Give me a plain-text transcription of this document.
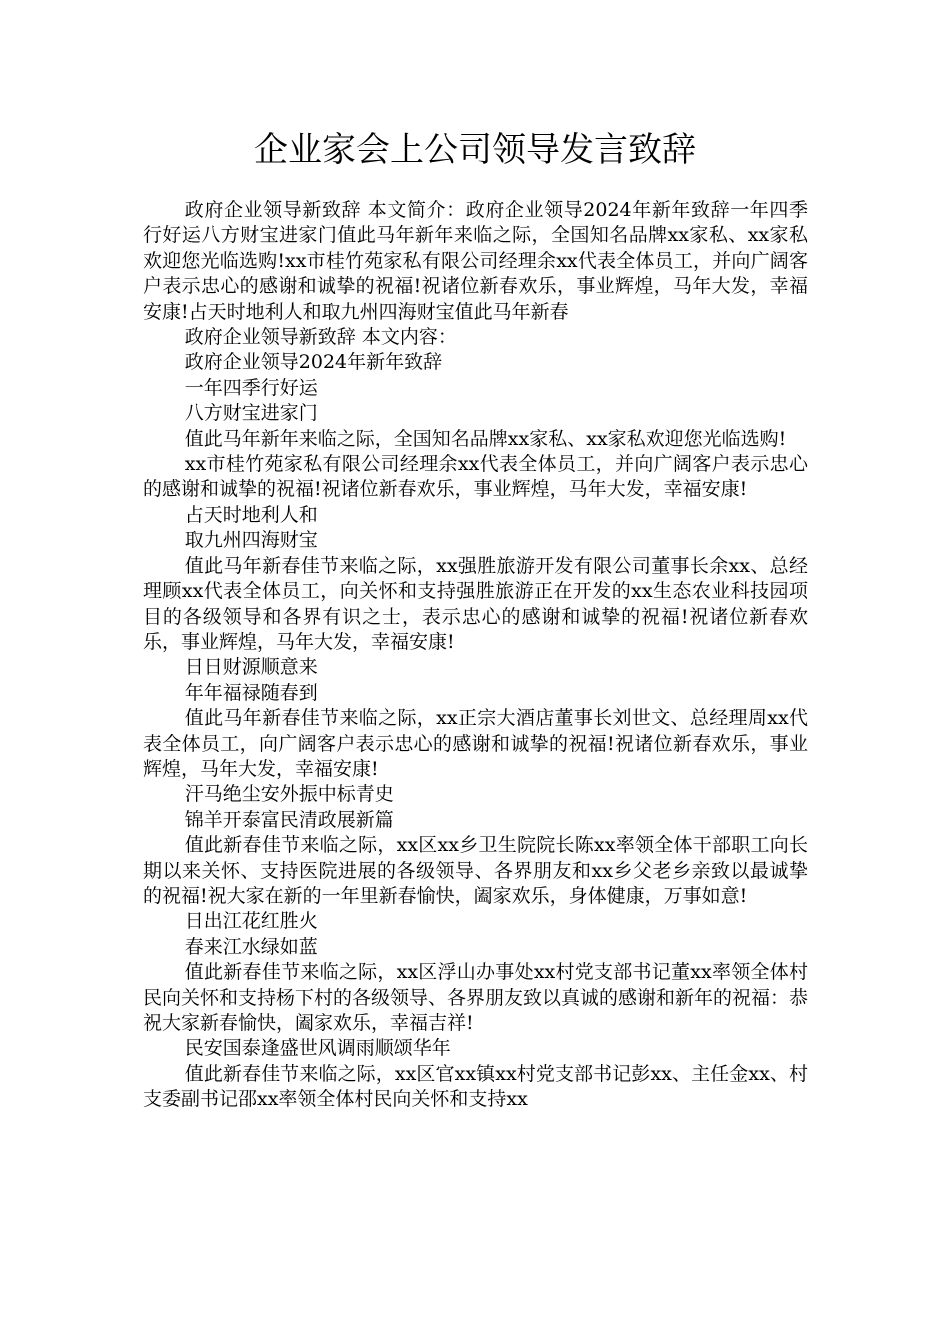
企业家会上公司领导发言致辞

政府企业领导新致辞 本文简介：政府企业领导2024年新年致辞一年四季行好运八方财宝进家门值此马年新年来临之际，全国知名品牌xx家私、xx家私欢迎您光临选购!xx市桂竹苑家私有限公司经理余xx代表全体员工，并向广阔客户表示忠心的感谢和诚挚的祝福!祝诸位新春欢乐，事业辉煌，马年大发，幸福安康!占天时地利人和取九州四海财宝值此马年新春

政府企业领导新致辞 本文内容：

政府企业领导2024年新年致辞

一年四季行好运

八方财宝进家门

值此马年新年来临之际，全国知名品牌xx家私、xx家私欢迎您光临选购!

xx市桂竹苑家私有限公司经理余xx代表全体员工，并向广阔客户表示忠心的感谢和诚挚的祝福!祝诸位新春欢乐，事业辉煌，马年大发，幸福安康!

占天时地利人和

取九州四海财宝

值此马年新春佳节来临之际，xx强胜旅游开发有限公司董事长余xx、总经理顾xx代表全体员工，向关怀和支持强胜旅游正在开发的xx生态农业科技园项目的各级领导和各界有识之士，表示忠心的感谢和诚挚的祝福!祝诸位新春欢乐，事业辉煌，马年大发，幸福安康!

日日财源顺意来

年年福禄随春到

值此马年新春佳节来临之际，xx正宗大酒店董事长刘世文、总经理周xx代表全体员工，向广阔客户表示忠心的感谢和诚挚的祝福!祝诸位新春欢乐，事业辉煌，马年大发，幸福安康!

汗马绝尘安外振中标青史

锦羊开泰富民清政展新篇

值此新春佳节来临之际，xx区xx乡卫生院院长陈xx率领全体干部职工向长期以来关怀、支持医院进展的各级领导、各界朋友和xx乡父老乡亲致以最诚挚的祝福!祝大家在新的一年里新春愉快，阖家欢乐，身体健康，万事如意!

日出江花红胜火

春来江水绿如蓝

值此新春佳节来临之际，xx区浮山办事处xx村党支部书记董xx率领全体村民向关怀和支持杨下村的各级领导、各界朋友致以真诚的感谢和新年的祝福：恭祝大家新春愉快，阖家欢乐，幸福吉祥!

民安国泰逢盛世风调雨顺颂华年

值此新春佳节来临之际，xx区官xx镇xx村党支部书记彭xx、主任金xx、村支委副书记邵xx率领全体村民向关怀和支持xx
